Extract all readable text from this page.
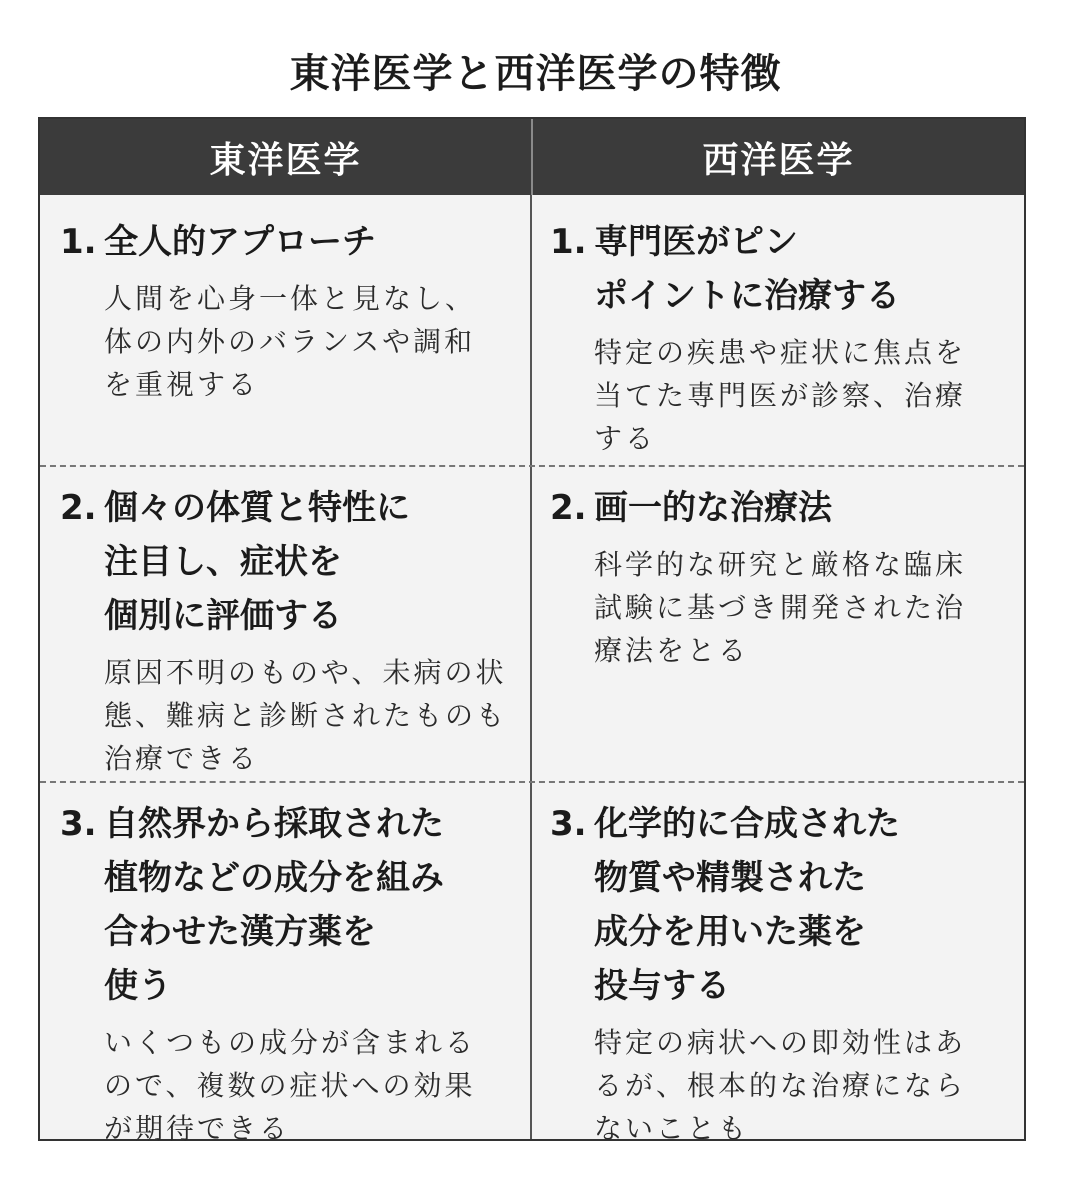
東洋医学と西洋医学の特徴
東洋医学	西洋医学
1. 全人的アプローチ
人間を心身一体と見なし、
体の内外のバランスや調和
を重視する
1. 専門医がピン
ポイントに治療する
特定の疾患や症状に焦点を
当てた専門医が診察、治療
する
2. 個々の体質と特性に
注目し、症状を
個別に評価する
原因不明のものや、未病の状
態、難病と診断されたものも
治療できる
2. 画一的な治療法
科学的な研究と厳格な臨床
試験に基づき開発された治
療法をとる
3. 自然界から採取された
植物などの成分を組み
合わせた漢方薬を
使う
いくつもの成分が含まれる
ので、複数の症状への効果
が期待できる
3. 化学的に合成された
物質や精製された
成分を用いた薬を
投与する
特定の病状への即効性はあ
るが、根本的な治療になら
ないことも
